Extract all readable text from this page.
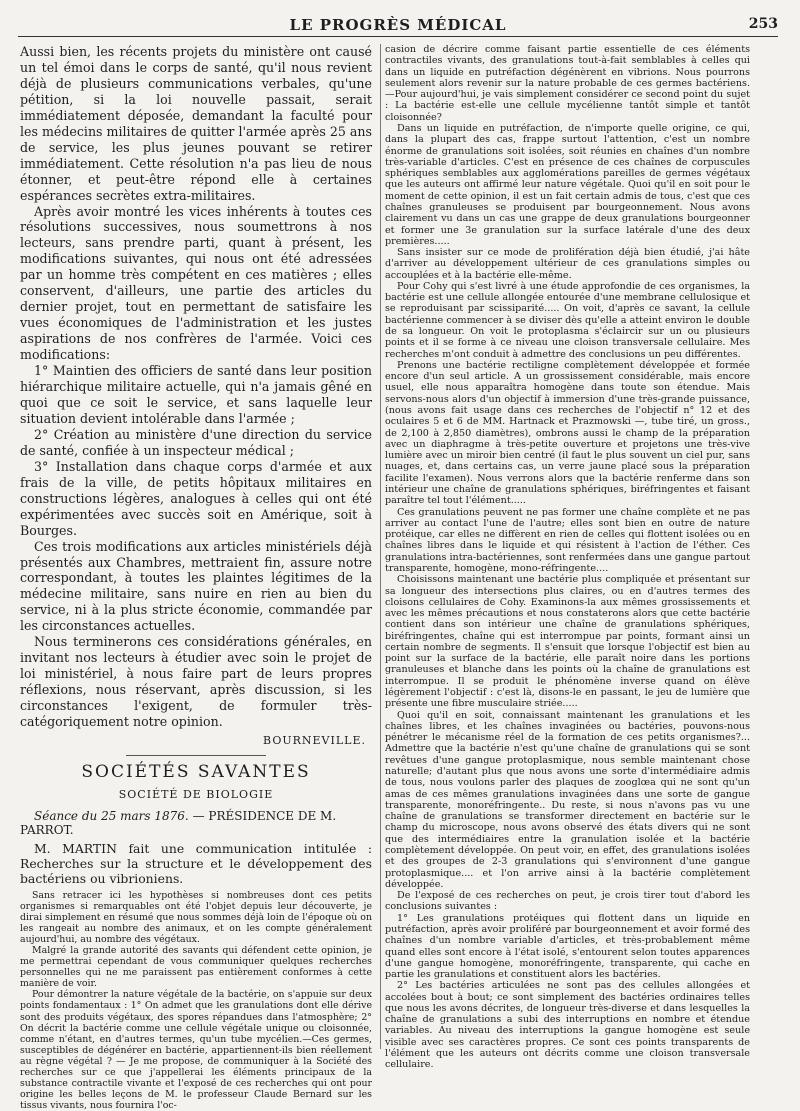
LE PROGRÈS MÉDICAL	253

Aussi bien, les récents projets du ministère ont causé un tel émoi dans le corps de santé, qu'il nous revient déjà de plusieurs communications verbales, qu'une pétition, si la loi nouvelle passait, serait immédiatement déposée, demandant la faculté pour les médecins militaires de quitter l'armée après 25 ans de service, les plus jeunes pouvant se retirer immédiatement. Cette résolution n'a pas lieu de nous étonner, et peut-être répond elle à certaines espérances secrètes extra-militaires.

Après avoir montré les vices inhérents à toutes ces résolutions successives, nous soumettrons à nos lecteurs, sans prendre parti, quant à présent, les modifications suivantes, qui nous ont été adressées par un homme très compétent en ces matières ; elles conservent, d'ailleurs, une partie des articles du dernier projet, tout en permettant de satisfaire les vues économiques de l'administration et les justes aspirations de nos confrères de l'armée. Voici ces modifications:

1° Maintien des officiers de santé dans leur position hiérarchique militaire actuelle, qui n'a jamais gêné en quoi que ce soit le service, et sans laquelle leur situation devient intolérable dans l'armée ;

2° Création au ministère d'une direction du service de santé, confiée à un inspecteur médical ;

3° Installation dans chaque corps d'armée et aux frais de la ville, de petits hôpitaux militaires en constructions légères, analogues à celles qui ont été expérimentées avec succès soit en Amérique, soit à Bourges.

Ces trois modifications aux articles ministériels déjà présentés aux Chambres, mettraient fin, assure notre correspondant, à toutes les plaintes légitimes de la médecine militaire, sans nuire en rien au bien du service, ni à la plus stricte économie, commandée par les circonstances actuelles.

Nous terminerons ces considérations générales, en invitant nos lecteurs à étudier avec soin le projet de loi ministériel, à nous faire part de leurs propres réflexions, nous réservant, après discussion, si les circonstances l'exigent, de formuler très-catégoriquement notre opinion.

BOURNEVILLE.
SOCIÉTÉS SAVANTES
SOCIÉTÉ DE BIOLOGIE
Séance du 25 mars 1876. — PRÉSIDENCE DE M. PARROT.

M. MARTIN fait une communication intitulée : Recherches sur la structure et le développement des bactériens ou vibrioniens.

Sans retracer ici les hypothèses si nombreuses dont ces petits organismes si remarquables ont été l'objet depuis leur découverte, je dirai simplement en résumé que nous sommes déjà loin de l'époque où on les rangeait au nombre des animaux, et on les compte généralement aujourd'hui, au nombre des végétaux.

Malgré la grande autorité des savants qui défendent cette opinion, je me permettrai cependant de vous communiquer quelques recherches personnelles qui ne me paraissent pas entièrement conformes à cette manière de voir.

Pour démontrer la nature végétale de la bactérie, on s'appuie sur deux points fondamentaux : 1° On admet que les granulations dont elle dérive sont des produits végétaux, des spores répandues dans l'atmosphère; 2° On décrit la bactérie comme une cellule végétale unique ou cloisonnée, comme n'étant, en d'autres termes, qu'un tube mycélien.—Ces germes, susceptibles de dégénérer en bactérie, appartiennent-ils bien réellement au règne végétal ? — Je me propose, de communiquer à la Société des recherches sur ce que j'appellerai les éléments principaux de la substance contractile vivante et l'exposé de ces recherches qui ont pour origine les belles leçons de M. le professeur Claude Bernard sur les tissus vivants, nous fournira l'oc-

casion de décrire comme faisant partie essentielle de ces éléments contractiles vivants, des granulations tout-à-fait semblables à celles qui dans un liquide en putréfaction dégénèrent en vibrions. Nous pourrons seulement alors revenir sur la nature probable de ces germes bactériens.—Pour aujourd'hui, je vais simplement considérer ce second point du sujet : La bactérie est-elle une cellule mycélienne tantôt simple et tantôt cloisonnée?

Dans un liquide en putréfaction, de n'importe quelle origine, ce qui, dans la plupart des cas, frappe surtout l'attention, c'est un nombre énorme de granulations soit isolées, soit réunies en chaînes d'un nombre très-variable d'articles. C'est en présence de ces chaînes de corpuscules sphériques semblables aux agglomérations pareilles de germes végétaux que les auteurs ont affirmé leur nature végétale. Quoi qu'il en soit pour le moment de cette opinion, il est un fait certain admis de tous, c'est que ces chaînes granuleuses se produisent par bourgeonnement. Nous avons clairement vu dans un cas une grappe de deux granulations bourgeonner et former une 3e granulation sur la surface latérale d'une des deux premières.....

Sans insister sur ce mode de prolifération déjà bien étudié, j'ai hâte d'arriver au développement ultérieur de ces granulations simples ou accouplées et à la bactérie elle-même.

Pour Cohy qui s'est livré à une étude approfondie de ces organismes, la bactérie est une cellule allongée entourée d'une membrane cellulosique et se reproduisant par scissiparité..... On voit, d'après ce savant, la cellule bactérienne commencer à se diviser dès qu'elle a atteint environ le double de sa longueur. On voit le protoplasma s'éclaircir sur un ou plusieurs points et il se forme à ce niveau une cloison transversale cellulaire. Mes recherches m'ont conduit à admettre des conclusions un peu différentes.

Prenons une bactérie rectiligne complètement développée et formée encore d'un seul article. A un grossissement considérable, mais encore usuel, elle nous apparaîtra homogène dans toute son étendue. Mais servons-nous alors d'un objectif à immersion d'une très-grande puissance, (nous avons fait usage dans ces recherches de l'objectif n° 12 et des oculaires 5 et 6 de MM. Hartnack et Prazmowski —, tube tiré, un gross., de 2,100 à 2,850 diamètres), ombrons aussi le champ de la préparation avec un diaphragme à très-petite ouverture et projetons une très-vive lumière avec un miroir bien centré (il faut le plus souvent un ciel pur, sans nuages, et, dans certains cas, un verre jaune placé sous la préparation facilite l'examen). Nous verrons alors que la bactérie renferme dans son intérieur une chaîne de granulations sphériques, biréfringentes et faisant paraître tel tout l'élément.....

Ces granulations peuvent ne pas former une chaîne complète et ne pas arriver au contact l'une de l'autre; elles sont bien en outre de nature protéique, car elles ne diffèrent en rien de celles qui flottent isolées ou en chaînes libres dans le liquide et qui résistent à l'action de l'éther. Ces granulations intra-bactériennes, sont renfermées dans une gangue partout transparente, homogène, mono-réfringente....

Choisissons maintenant une bactérie plus compliquée et présentant sur sa longueur des intersections plus claires, ou en d'autres termes des cloisons cellulaires de Cohy. Examinons-la aux mêmes grossissements et avec les mêmes précautions et nous constaterons alors que cette bactérie contient dans son intérieur une chaîne de granulations sphériques, biréfringentes, chaîne qui est interrompue par points, formant ainsi un certain nombre de segments. Il s'ensuit que lorsque l'objectif est bien au point sur la surface de la bactérie, elle paraît noire dans les portions granuleuses et blanche dans les points où la chaîne de granulations est interrompue. Il se produit le phénomène inverse quand on élève légèrement l'objectif : c'est là, disons-le en passant, le jeu de lumière que présente une fibre musculaire striée.....

Quoi qu'il en soit, connaissant maintenant les granulations et les chaînes libres, et les chaînes invaginées ou bactéries, pouvons-nous pénétrer le mécanisme réel de la formation de ces petits organismes?... Admettre que la bactérie n'est qu'une chaîne de granulations qui se sont revêtues d'une gangue protoplasmique, nous semble maintenant chose naturelle; d'autant plus que nous avons une sorte d'intermédiaire admis de tous, nous voulons parler des plaques de zooglœa qui ne sont qu'un amas de ces mêmes granulations invaginées dans une sorte de gangue transparente, monoréfringente.. Du reste, si nous n'avons pas vu une chaîne de granulations se transformer directement en bactérie sur le champ du microscope, nous avons observé des états divers qui ne sont que des intermédiaires entre la granulation isolée et la bactérie complètement développée. On peut voir, en effet, des granulations isolées et des groupes de 2-3 granulations qui s'environnent d'une gangue protoplasmique.... et l'on arrive ainsi à la bactérie complètement développée.

De l'exposé de ces recherches on peut, je crois tirer tout d'abord les conclusions suivantes :

1° Les granulations protéiques qui flottent dans un liquide en putréfaction, après avoir proliféré par bourgeonnement et avoir formé des chaînes d'un nombre variable d'articles, et très-probablement même quand elles sont encore à l'état isolé, s'entourent selon toutes apparences d'une gangue homogène, monoréfringente, transparente, qui cache en partie les granulations et constituent alors les bactéries.

2° Les bactéries articulées ne sont pas des cellules allongées et accolées bout à bout; ce sont simplement des bactéries ordinaires telles que nous les avons décrites, de longueur très-diverse et dans lesquelles la chaîne de granulations a subi des interruptions en nombre et étendue variables. Au niveau des interruptions la gangue homogène est seule visible avec ses caractères propres. Ce sont ces points transparents de l'élément que les auteurs ont décrits comme une cloison transversale cellulaire.
